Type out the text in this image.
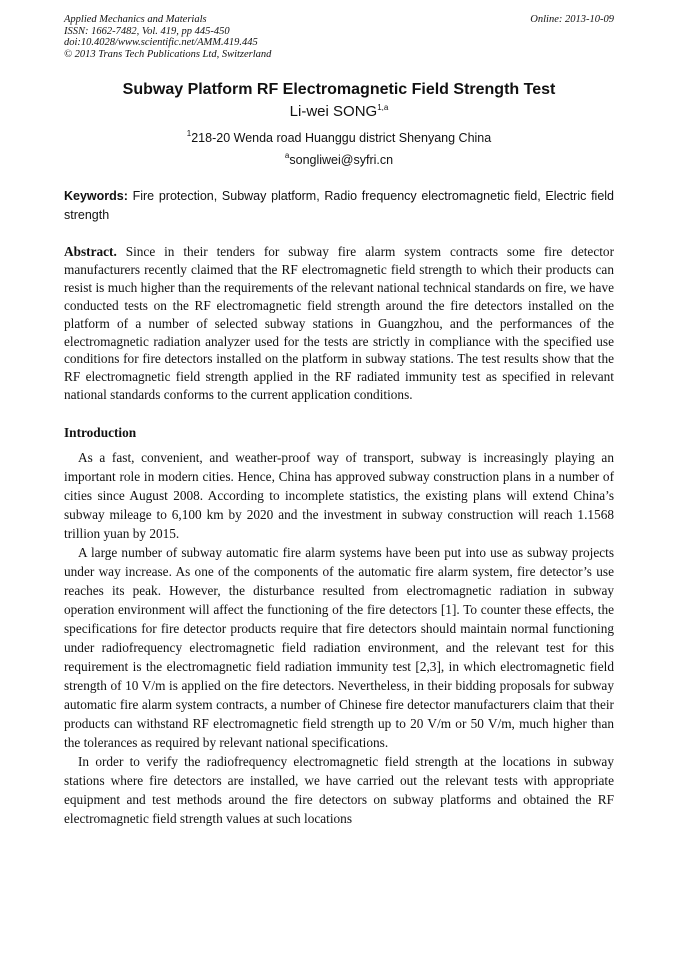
Applied Mechanics and Materials
ISSN: 1662-7482, Vol. 419, pp 445-450
doi:10.4028/www.scientific.net/AMM.419.445
© 2013 Trans Tech Publications Ltd, Switzerland
Online: 2013-10-09
Subway Platform RF Electromagnetic Field Strength Test
Li-wei SONG$^{1,a}$
$^1$218-20 Wenda road Huanggu district Shenyang China
$^a$songliwei@syfri.cn
Keywords: Fire protection, Subway platform, Radio frequency electromagnetic field, Electric field strength
Abstract. Since in their tenders for subway fire alarm system contracts some fire detector manufacturers recently claimed that the RF electromagnetic field strength to which their products can resist is much higher than the requirements of the relevant national technical standards on fire, we have conducted tests on the RF electromagnetic field strength around the fire detectors installed on the platform of a number of selected subway stations in Guangzhou, and the performances of the electromagnetic radiation analyzer used for the tests are strictly in compliance with the specified use conditions for fire detectors installed on the platform in subway stations. The test results show that the RF electromagnetic field strength applied in the RF radiated immunity test as specified in relevant national standards conforms to the current application conditions.
Introduction

As a fast, convenient, and weather-proof way of transport, subway is increasingly playing an important role in modern cities. Hence, China has approved subway construction plans in a number of cities since August 2008. According to incomplete statistics, the existing plans will extend China’s subway mileage to 6,100 km by 2020 and the investment in subway construction will reach 1.1568 trillion yuan by 2015.

A large number of subway automatic fire alarm systems have been put into use as subway projects under way increase. As one of the components of the automatic fire alarm system, fire detector’s use reaches its peak. However, the disturbance resulted from electromagnetic radiation in subway operation environment will affect the functioning of the fire detectors [1]. To counter these effects, the specifications for fire detector products require that fire detectors should maintain normal functioning under radiofrequency electromagnetic field radiation environment, and the relevant test for this requirement is the electromagnetic field radiation immunity test [2,3], in which electromagnetic field strength of 10 V/m is applied on the fire detectors. Nevertheless, in their bidding proposals for subway automatic fire alarm system contracts, a number of Chinese fire detector manufacturers claim that their products can withstand RF electromagnetic field strength up to 20 V/m or 50 V/m, much higher than the tolerances as required by relevant national specifications.

In order to verify the radiofrequency electromagnetic field strength at the locations in subway stations where fire detectors are installed, we have carried out the relevant tests with appropriate equipment and test methods around the fire detectors on subway platforms and obtained the RF electromagnetic field strength values at such locations
